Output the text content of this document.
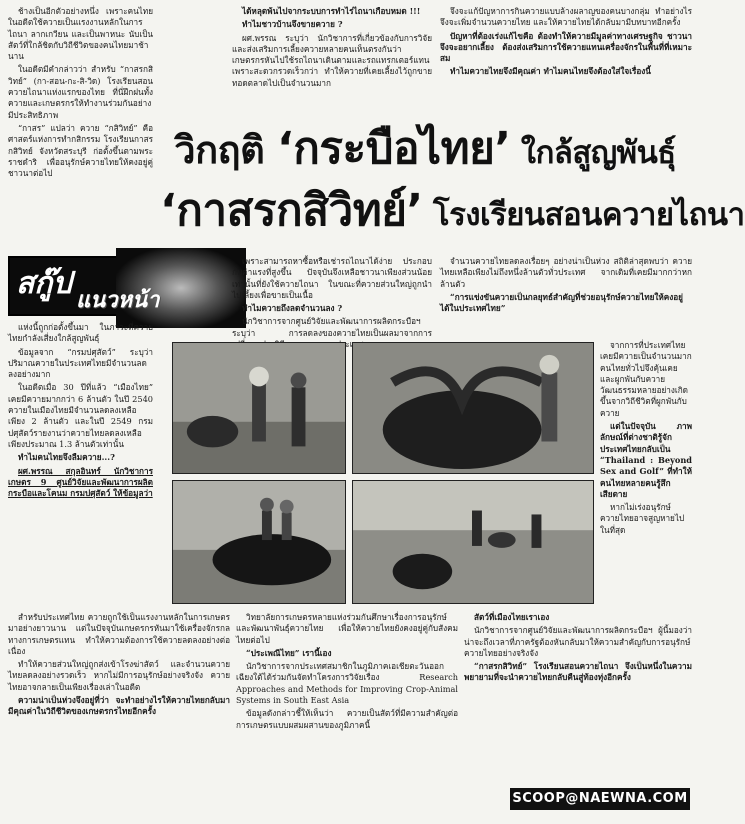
ช้างเป็นอีกตัวอย่างหนึ่ง เพราะคนไทยในอดีตใช้ควายเป็นแรงงานหลักในการไถนา ลากเกวียน และเป็นพาหนะ นับเป็นสัตว์ที่ใกล้ชิดกับวิถีชีวิตของคนไทยมาช้านาน

ในอดีตมีคำกล่าวว่า สำหรับ “กาสรกสิวิทย์” (กา-สอน-กะ-สิ-วิด) โรงเรียนสอนควายไถนาแห่งแรกของไทย ที่นี่ฝึกฝนทั้งควายและเกษตรกรให้ทำงานร่วมกันอย่างมีประสิทธิภาพ

“กาสร” แปลว่า ควาย “กสิวิทย์” คือ ศาสตร์แห่งการทำกสิกรรม โรงเรียนกาสรกสิวิทย์ จังหวัดสระบุรี ก่อตั้งขึ้นตามพระราชดำริ เพื่ออนุรักษ์ควายไทยให้คงอยู่คู่ชาวนาต่อไป

ได้หลุดพ้นไปจากระบบการทำไร่ไถนาเกือบหมด !!!

ทำไมชาวบ้านจึงขายควาย ?

ผศ.พรรณ ระบุว่า นักวิชาการที่เกี่ยวข้องกับการวิจัยและส่งเสริมการเลี้ยงควายหลายคนเห็นตรงกันว่า เกษตรกรหันไปใช้รถไถนาเดินตามและรถแทรกเตอร์แทน เพราะสะดวกรวดเร็วกว่า ทำให้ควายที่เคยเลี้ยงไว้ถูกขายทอดตลาดไปเป็นจำนวนมาก

จึงจะแก้ปัญหาการกินควายแบบล้างผลาญของคนบางกลุ่ม ทำอย่างไรจึงจะเพิ่มจำนวนควายไทย และให้ควายไทยได้กลับมามีบทบาทอีกครั้ง

ปัญหาที่ต้องเร่งแก้ไขคือ ต้องทำให้ควายมีมูลค่าทางเศรษฐกิจ ชาวนาจึงจะอยากเลี้ยง ต้องส่งเสริมการใช้ควายแทนเครื่องจักรในพื้นที่ที่เหมาะสม

ทำไมควายไทยจึงมีคุณค่า ทำไมคนไทยจึงต้องใส่ใจเรื่องนี้

วิกฤติ ‘กระบือไทย’ ใกล้สูญพันธุ์
‘กาสรกสิวิทย์’ โรงเรียนสอนควายไถนา
สกู๊ป แนวหน้า

เพราะสามารถหาซื้อหรือเช่ารถไถนาได้ง่าย ประกอบกับค่าแรงที่สูงขึ้น ปัจจุบันจึงเหลือชาวนาเพียงส่วนน้อยเท่านั้นที่ยังใช้ควายไถนา ในขณะที่ควายส่วนใหญ่ถูกนำไปเลี้ยงเพื่อขายเป็นเนื้อ

ทำไมควายถึงลดจำนวนลง ?

นักวิชาการจากศูนย์วิจัยและพัฒนาการผลิตกระบือฯ ระบุว่า การลดลงของควายไทยเป็นผลมาจากการ ะเ

จำนวนควายไทยลดลงเรื่อยๆ อย่างน่าเป็นห่วง สถิติล่าสุดพบว่า ควายไทยเหลือเพียงไม่ถึงหนึ่งล้านตัวทั่วประเทศ จากเดิมที่เคยมีมากกว่าหกล้านตัว

“การแข่งขันควายเป็นกลยุทธ์สำคัญที่ช่วยอนุรักษ์ควายไทยให้คงอยู่ได้ในประเทศไทย”

จากการที่ประเทศไทยเคยมีควายเป็นจำนวนมาก คนไทยทั่วไปจึงคุ้นเคยและผูกพันกับควาย วัฒนธรรมหลายอย่างเกิดขึ้นจากวิถีชีวิตที่ผูกพันกับควาย

แต่ในปัจจุบัน ภาพลักษณ์ที่ต่างชาติรู้จักประเทศไทยกลับเป็น “Thailand : Beyond Sex and Golf” ที่ทำให้คนไทยหลายคนรู้สึกเสียดาย

หากไม่เร่งอนุรักษ์ ควายไทยอาจสูญหายไปในที่สุด

แห่งนี้ถูกก่อตั้งขึ้นมา ในภาวะที่ควายไทยกำลังเสี่ยงใกล้สูญพันธุ์

ข้อมูลจาก “กรมปศุสัตว์” ระบุว่า ปริมาณควายในประเทศไทยมีจำนวนลดลงอย่างมาก

ในอดีตเมื่อ 30 ปีที่แล้ว “เมืองไทย” เคยมีควายมากกว่า 6 ล้านตัว ในปี 2540 ควายในเมืองไทยมีจำนวนลดลงเหลือเพียง 2 ล้านตัว และในปี 2549 กรมปศุสัตว์รายงานว่าควายไทยลดลงเหลือเพียงประมาณ 1.3 ล้านตัวเท่านั้น

ทำไมคนไทยจึงลืมควาย...?

ผศ.พรรณ สกุลอินทร์ นักวิชาการเกษตร 9 ศูนย์วิจัยและพัฒนาการผลิตกระบือและโคนม กรมปศุสัตว์ ให้ข้อมูลว่า

สำหรับประเทศไทย ควายถูกใช้เป็นแรงงานหลักในการเกษตรมาอย่างยาวนาน แต่ในปัจจุบันเกษตรกรหันมาใช้เครื่องจักรกลทางการเกษตรแทน ทำให้ความต้องการใช้ควายลดลงอย่างต่อเนื่อง

ทำให้ควายส่วนใหญ่ถูกส่งเข้าโรงฆ่าสัตว์ และจำนวนควายไทยลดลงอย่างรวดเร็ว หากไม่มีการอนุรักษ์อย่างจริงจัง ควายไทยอาจกลายเป็นเพียงเรื่องเล่าในอดีต

ความน่าเป็นห่วงจึงอยู่ที่ว่า จะทำอย่างไรให้ควายไทยกลับมามีคุณค่าในวิถีชีวิตของเกษตรกรไทยอีกครั้ง

วิทยาลัยการเกษตรหลายแห่งร่วมกันศึกษาเรื่องการอนุรักษ์และพัฒนาพันธุ์ควายไทย เพื่อให้ควายไทยยังคงอยู่คู่กับสังคมไทยต่อไป

“ประเพณีไทย” เรานี้เอง

นักวิชาการจากประเทศสมาชิกในภูมิภาคเอเชียตะวันออกเฉียงใต้ได้ร่วมกันจัดทำโครงการวิจัยเรื่อง Research Approaches and Methods for Improving Crop-Animal Systems in South East Asia

ข้อมูลดังกล่าวชี้ให้เห็นว่า ควายเป็นสัตว์ที่มีความสำคัญต่อการเกษตรแบบผสมผสานของภูมิภาคนี้

สัตว์ที่เมืองไทยเราเอง

นักวิชาการจากศูนย์วิจัยและพัฒนาการผลิตกระบือฯ ผู้นี้มองว่า น่าจะถึงเวลาที่ภาครัฐต้องหันกลับมาให้ความสำคัญกับการอนุรักษ์ควายไทยอย่างจริงจัง

“กาสรกสิวิทย์” โรงเรียนสอนควายไถนา จึงเป็นหนึ่งในความพยายามที่จะนำควายไทยกลับคืนสู่ท้องทุ่งอีกครั้ง

SCOOP@NAEWNA.COM
